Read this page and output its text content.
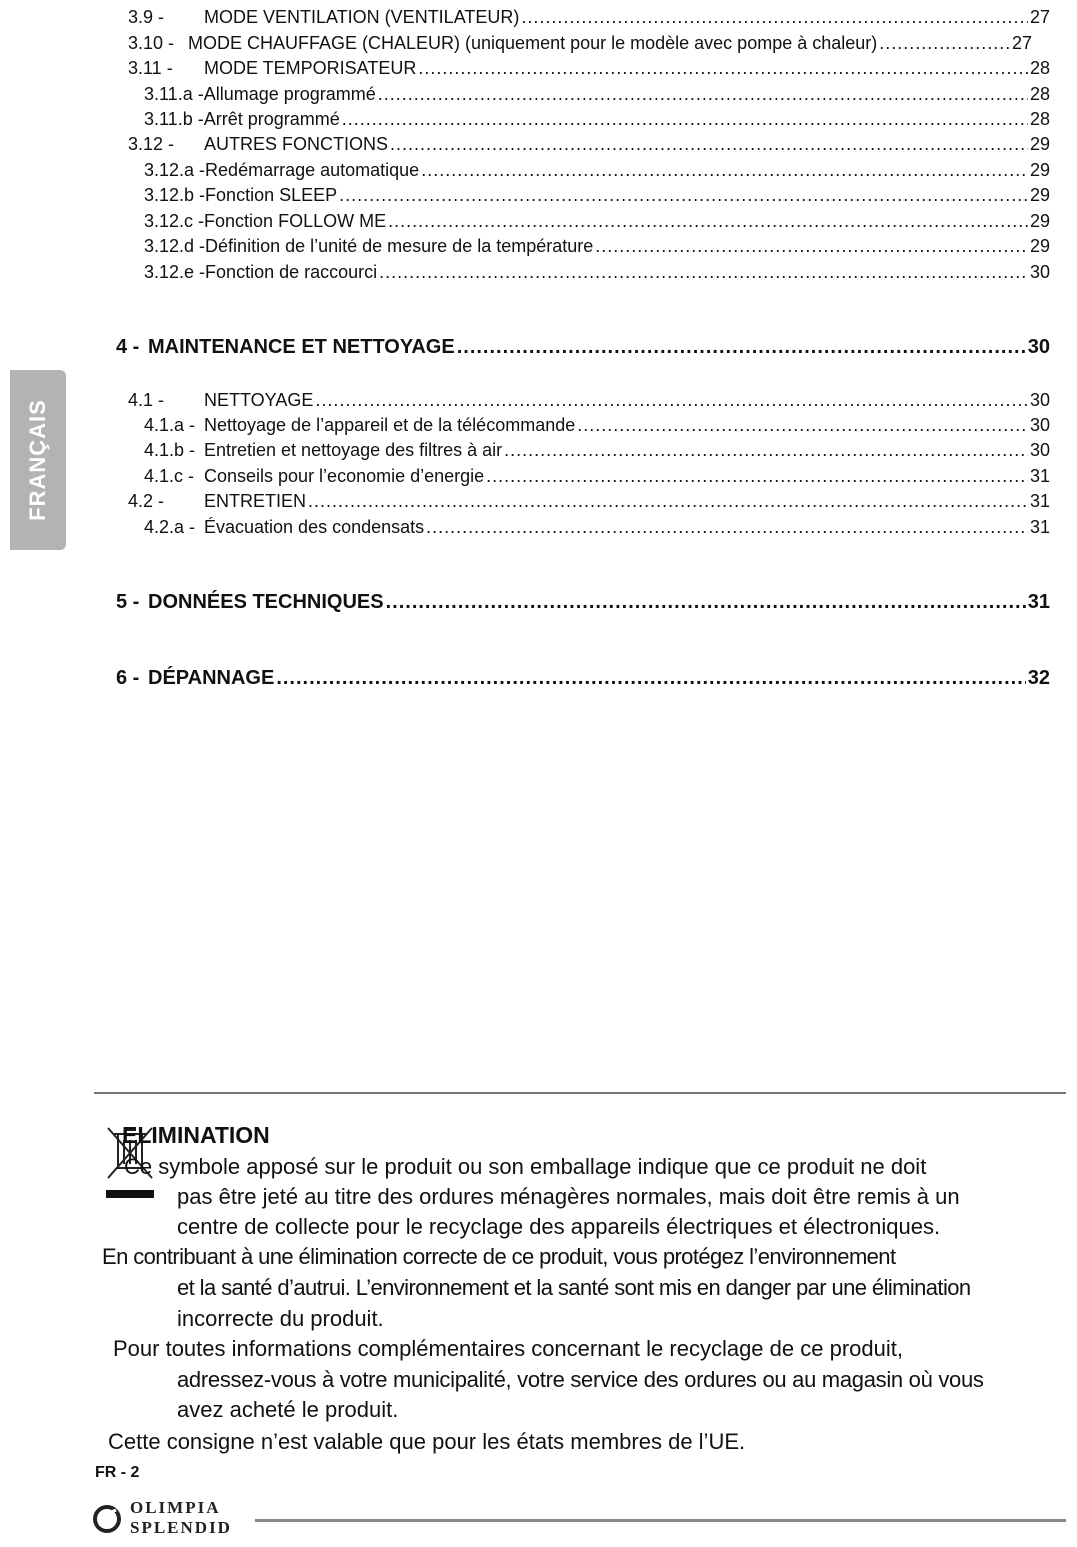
FRANÇAIS
3.9 -	MODE VENTILATION (VENTILATEUR) .....	27
3.10 - MODE CHAUFFAGE (CHALEUR) (uniquement pour le modèle avec pompe à chaleur) .....	27
3.11 -	MODE TEMPORISATEUR .....	28
3.11.a - Allumage programmé .....	28
3.11.b - Arrêt programmé .....	28
3.12 -	AUTRES FONCTIONS .....	29
3.12.a - Redémarrage automatique .....	29
3.12.b - Fonction SLEEP .....	29
3.12.c - Fonction FOLLOW ME .....	29
3.12.d - Définition de l’unité de mesure de la température .....	29
3.12.e - Fonction de raccourci .....	30
4 - MAINTENANCE ET NETTOYAGE .....	30
4.1 -	NETTOYAGE .....	30
4.1.a - Nettoyage de l’appareil et de la télécommande .....	30
4.1.b - Entretien et nettoyage des filtres à air .....	30
4.1.c - Conseils pour l’economie d’energie .....	31
4.2 -	ENTRETIEN .....	31
4.2.a - Évacuation des condensats .....	31
5 - DONNÉES TECHNIQUES .....	31
6 - DÉPANNAGE .....	32
ELIMINATION
Ce symbole apposé sur le produit ou son emballage indique que ce produit ne doit
pas être jeté au titre des ordures ménagères normales, mais doit être remis à un
centre de collecte pour le recyclage des appareils électriques et électroniques.
En contribuant à une élimination correcte de ce produit, vous protégez l’environnement
et la santé d’autrui. L’environnement et la santé sont mis en danger par une élimination
incorrecte du produit.
Pour toutes informations complémentaires concernant le recyclage de ce produit,
adressez-vous à votre municipalité, votre service des ordures ou au magasin où vous
avez acheté le produit.
Cette consigne n’est valable que pour les états membres de l’UE.
FR - 2
OLIMPIA
SPLENDID
